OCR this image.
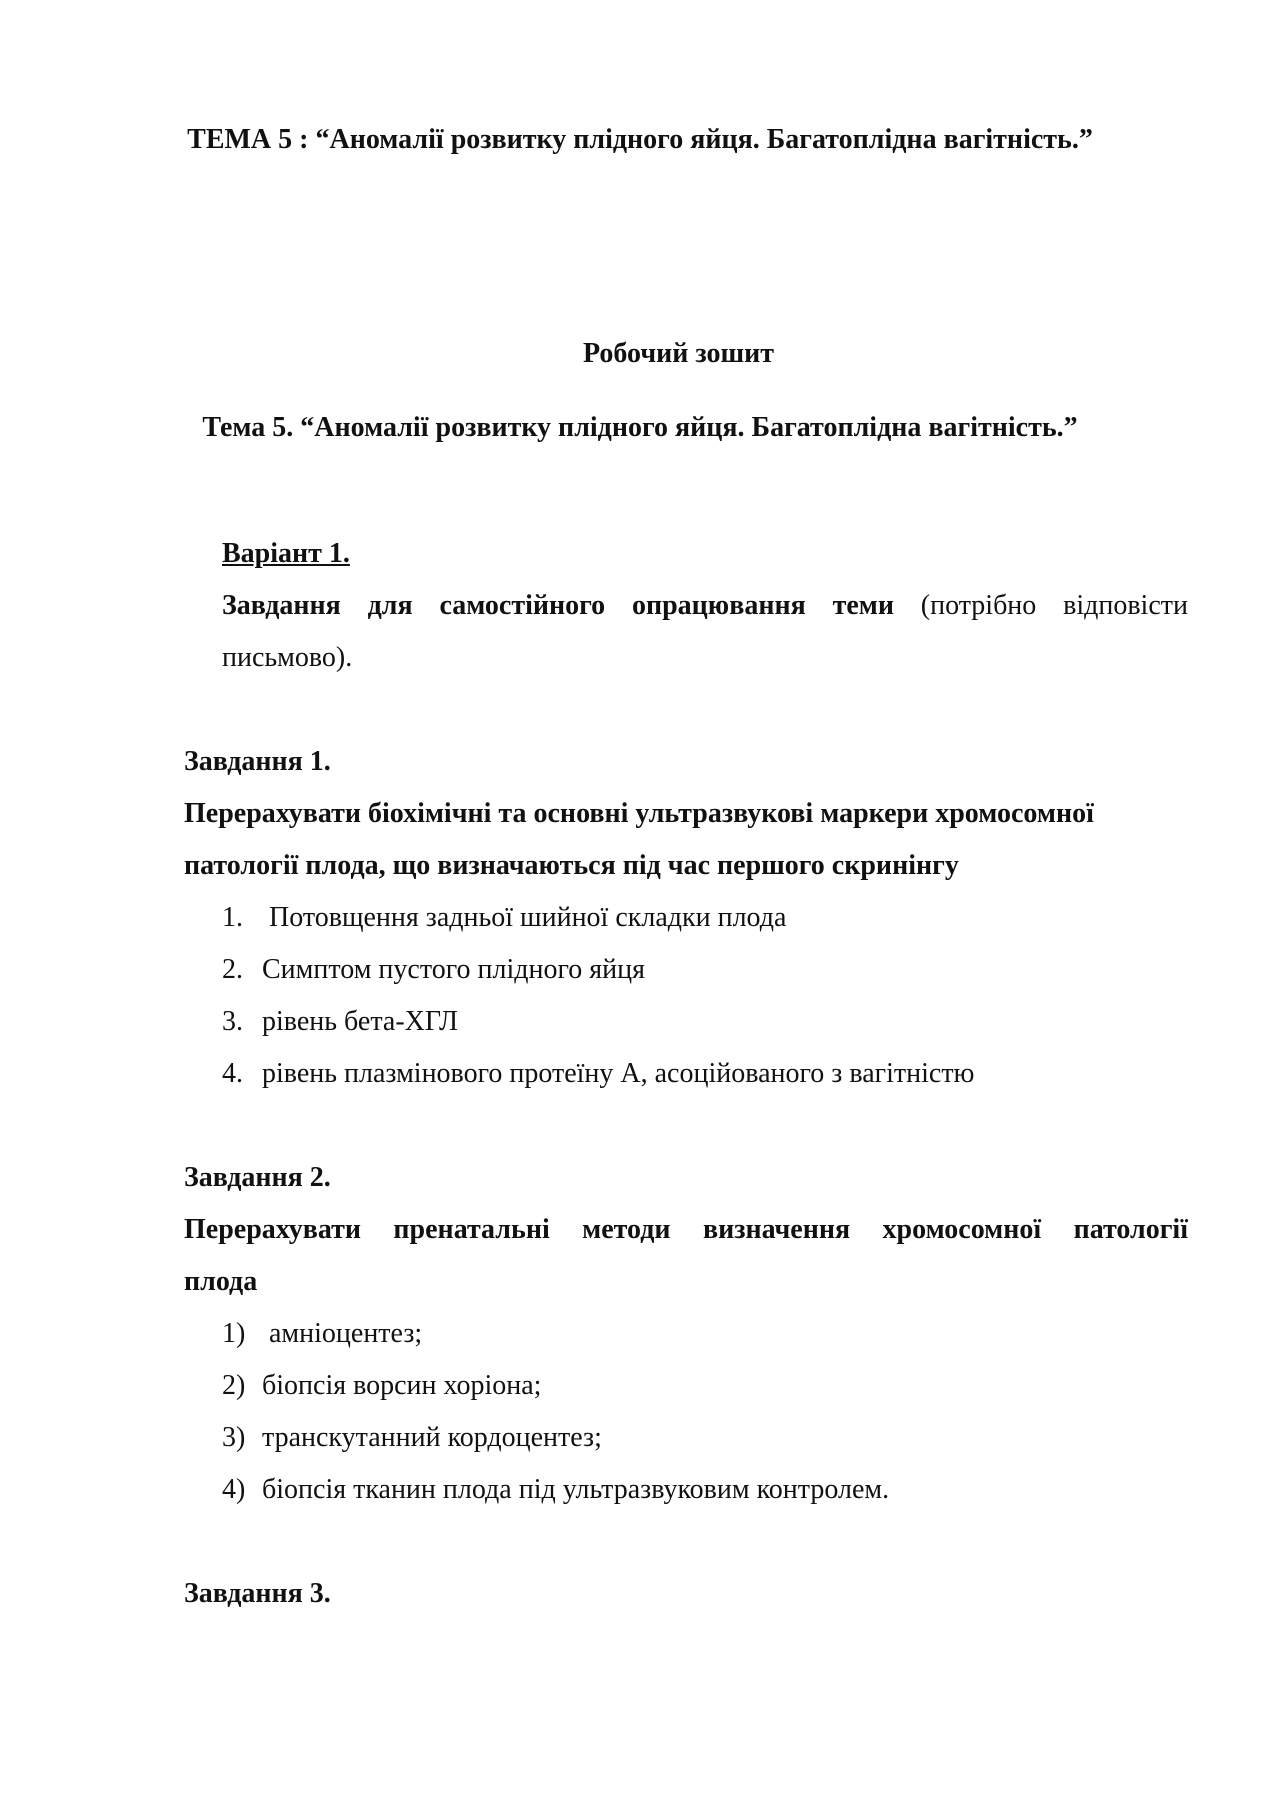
ТЕМА 5 : “Аномалії розвитку плідного яйця. Багатоплідна вагітність.”
Робочий зошит
Тема 5. “Аномалії розвитку плідного яйця. Багатоплідна вагітність.”
Варіант 1.
Завдання для самостійного опрацювання теми (потрібно відповісти
письмово).
Завдання 1.
Перерахувати біохімічні та основні ультразвукові маркери хромосомної
патології плода, що визначаються під час першого скринінгу
1. Потовщення задньої шийної складки плода
2. Симптом пустого плідного яйця
3. рівень бета-ХГЛ
4. рівень плазмінового протеїну А, асоційованого з вагітністю
Завдання 2.
Перерахувати пренатальні методи визначення хромосомної патології
плода
1) амніоцентез;
2) біопсія ворсин хоріона;
3) транскутанний кордоцентез;
4) біопсія тканин плода під ультразвуковим контролем.
Завдання 3.
